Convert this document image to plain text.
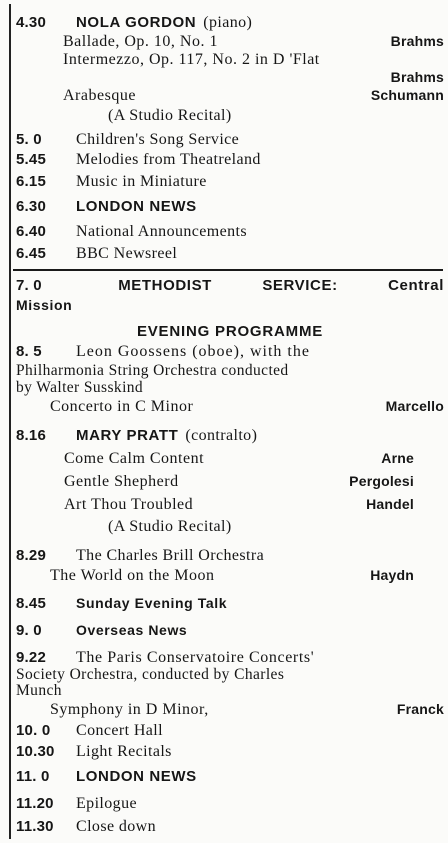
4.30	NOLA GORDON (piano)
Ballade, Op. 10, No. 1	Brahms
Intermezzo, Op. 117, No. 2 in D 'Flat
Brahms
Arabesque	Schumann
(A Studio Recital)
5. 0	Children's Song Service
5.45	Melodies from Theatreland
6.15	Music in Miniature
6.30	LONDON NEWS
6.40	National Announcements
6.45	BBC Newsreel
7. 0	METHODIST	SERVICE:	Central
Mission
EVENING PROGRAMME
8. 5	Leon Goossens (oboe), with the
Philharmonia String Orchestra conducted
by Walter Susskind
Concerto in C Minor	Marcello
8.16	MARY PRATT (contralto)
Come Calm Content	Arne
Gentle Shepherd	Pergolesi
Art Thou Troubled	Handel
(A Studio Recital)
8.29	The Charles Brill Orchestra
The World on the Moon	Haydn
8.45	Sunday Evening Talk
9. 0	Overseas News
9.22	The Paris Conservatoire Concerts'
Society Orchestra, conducted by Charles
Munch
Symphony in D Minor,	Franck
10. 0	Concert Hall
10.30	Light Recitals
11. 0	LONDON NEWS
11.20	Epilogue
11.30	Close down
